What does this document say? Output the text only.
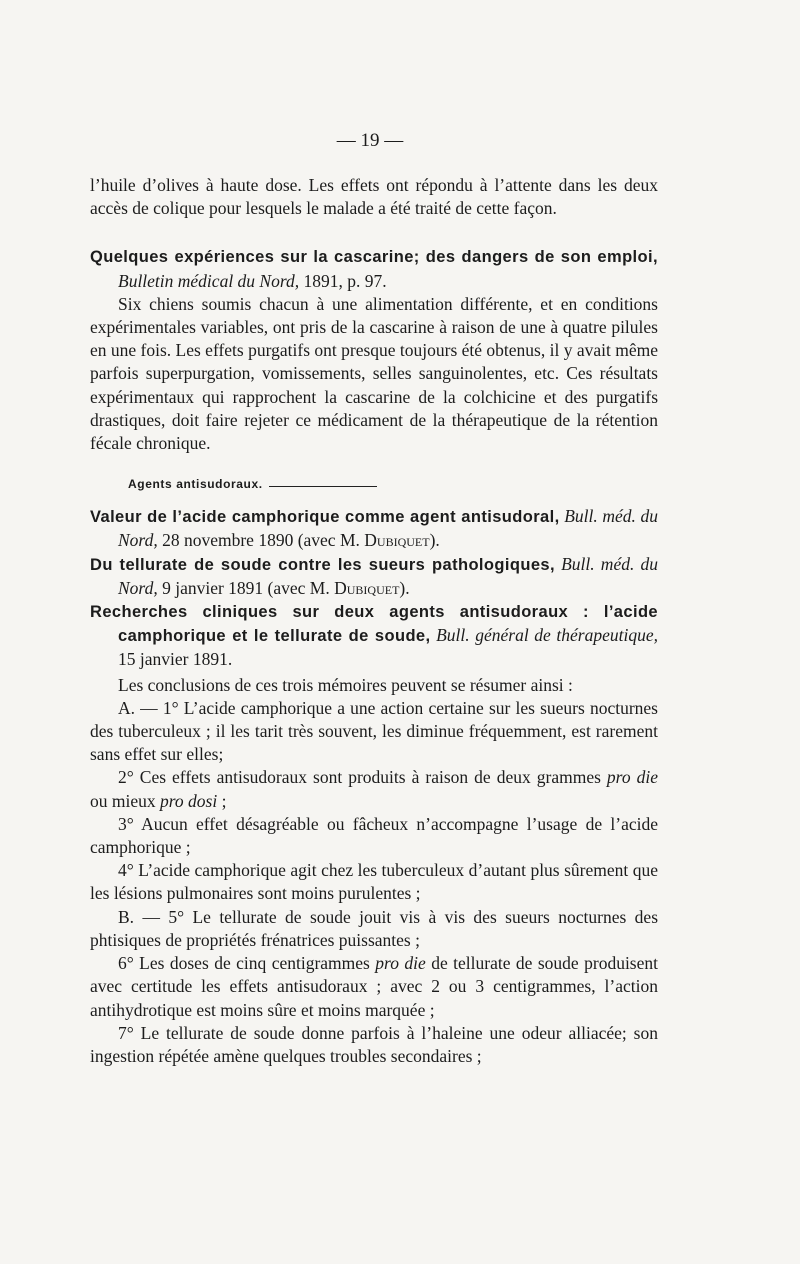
— 19 —

l’huile d’olives à haute dose. Les effets ont répondu à l’attente dans les deux accès de colique pour lesquels le malade a été traité de cette façon.

Quelques expériences sur la cascarine; des dangers de son emploi, Bulletin médical du Nord, 1891, p. 97.

Six chiens soumis chacun à une alimentation différente, et en conditions expérimentales variables, ont pris de la cascarine à raison de une à quatre pilules en une fois. Les effets purgatifs ont presque toujours été obtenus, il y avait même parfois superpurgation, vomissements, selles sanguinolentes, etc. Ces résultats expérimentaux qui rapprochent la cascarine de la colchicine et des purgatifs drastiques, doit faire rejeter ce médicament de la thérapeutique de la rétention fécale chronique.

Agents antisudoraux.

Valeur de l’acide camphorique comme agent antisudoral, Bull. méd. du Nord, 28 novembre 1890 (avec M. Dubiquet).

Du tellurate de soude contre les sueurs pathologiques, Bull. méd. du Nord, 9 janvier 1891 (avec M. Dubiquet).

Recherches cliniques sur deux agents antisudoraux : l’acide camphorique et le tellurate de soude, Bull. général de thérapeutique, 15 janvier 1891.

Les conclusions de ces trois mémoires peuvent se résumer ainsi :

A. — 1° L’acide camphorique a une action certaine sur les sueurs nocturnes des tuberculeux ; il les tarit très souvent, les diminue fréquemment, est rarement sans effet sur elles;

2° Ces effets antisudoraux sont produits à raison de deux grammes pro die ou mieux pro dosi ;

3° Aucun effet désagréable ou fâcheux n’accompagne l’usage de l’acide camphorique ;

4° L’acide camphorique agit chez les tuberculeux d’autant plus sûrement que les lésions pulmonaires sont moins purulentes ;

B. — 5° Le tellurate de soude jouit vis à vis des sueurs nocturnes des phtisiques de propriétés frénatrices puissantes ;

6° Les doses de cinq centigrammes pro die de tellurate de soude produisent avec certitude les effets antisudoraux ; avec 2 ou 3 centigrammes, l’action antihydrotique est moins sûre et moins marquée ;

7° Le tellurate de soude donne parfois à l’haleine une odeur alliacée; son ingestion répétée amène quelques troubles secondaires ;
